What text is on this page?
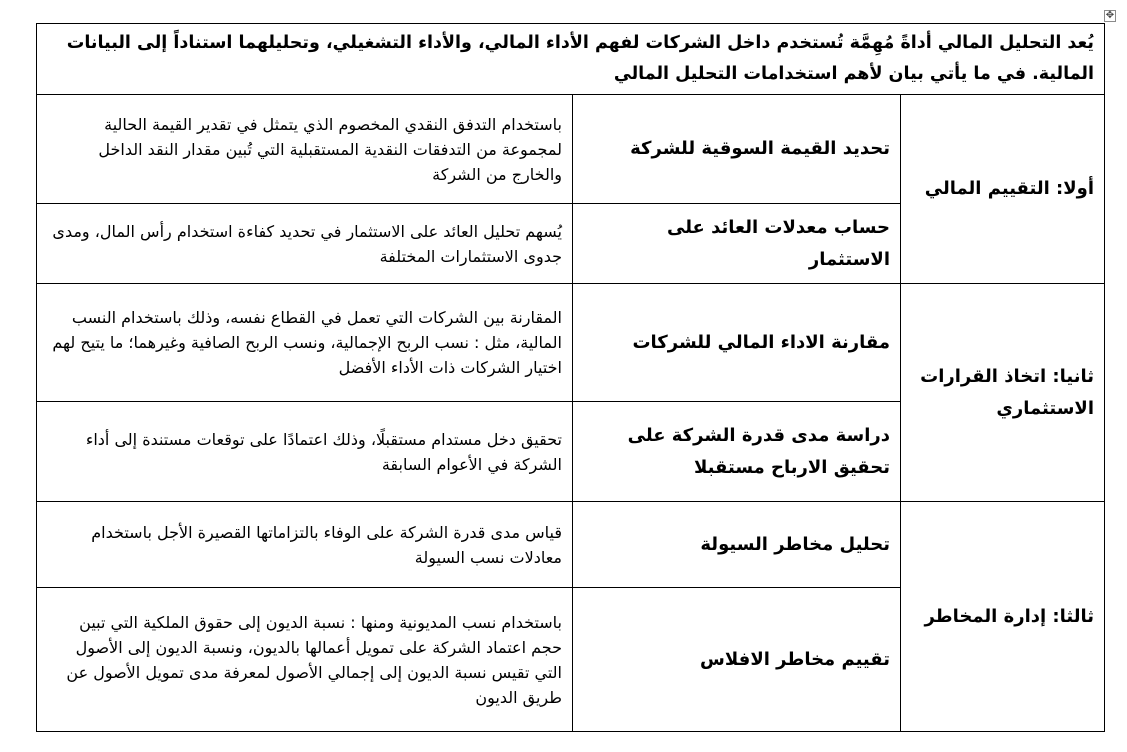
✥
يُعد التحليل المالي أداةً مُهِمَّة تُستخدم داخل الشركات لفهم الأداء المالي، والأداء التشغيلي، وتحليلهما استناداً إلى البيانات المالية. في ما يأتي بيان لأهم استخدامات التحليل المالي		
أولا: التقييم المالي	تحديد القيمة السوقية للشركة	باستخدام التدفق النقدي المخصوم الذي يتمثل في تقدير القيمة الحالية لمجموعة من التدفقات النقدية المستقبلية التي تُبين مقدار النقد الداخل والخارج من الشركة
	حساب معدلات العائد على الاستثمار	يُسهم تحليل العائد على الاستثمار في تحديد كفاءة استخدام رأس المال، ومدى جدوى الاستثمارات المختلفة
ثانيا: اتخاذ القرارات الاستثماري	مقارنة الاداء المالي للشركات	المقارنة بين الشركات التي تعمل في القطاع نفسه، وذلك باستخدام النسب المالية، مثل : نسب الربح الإجمالية، ونسب الربح الصافية وغيرهما؛ ما يتيح لهم اختيار الشركات ذات الأداء الأفضل
	دراسة مدى قدرة الشركة على تحقيق الارباح مستقبلا	تحقيق دخل مستدام مستقبلًا، وذلك اعتمادًا على توقعات مستندة إلى أداء الشركة في الأعوام السابقة
ثالثا: إدارة المخاطر	تحليل مخاطر السيولة	قياس مدى قدرة الشركة على الوفاء بالتزاماتها القصيرة الأجل باستخدام معادلات نسب السيولة
	تقييم مخاطر الافلاس	باستخدام نسب المديونية ومنها : نسبة الديون إلى حقوق الملكية التي تبين حجم اعتماد الشركة على تمويل أعمالها بالديون، ونسبة الديون إلى الأصول التي تقيس نسبة الديون إلى إجمالي الأصول لمعرفة مدى تمويل الأصول عن طريق الديون
